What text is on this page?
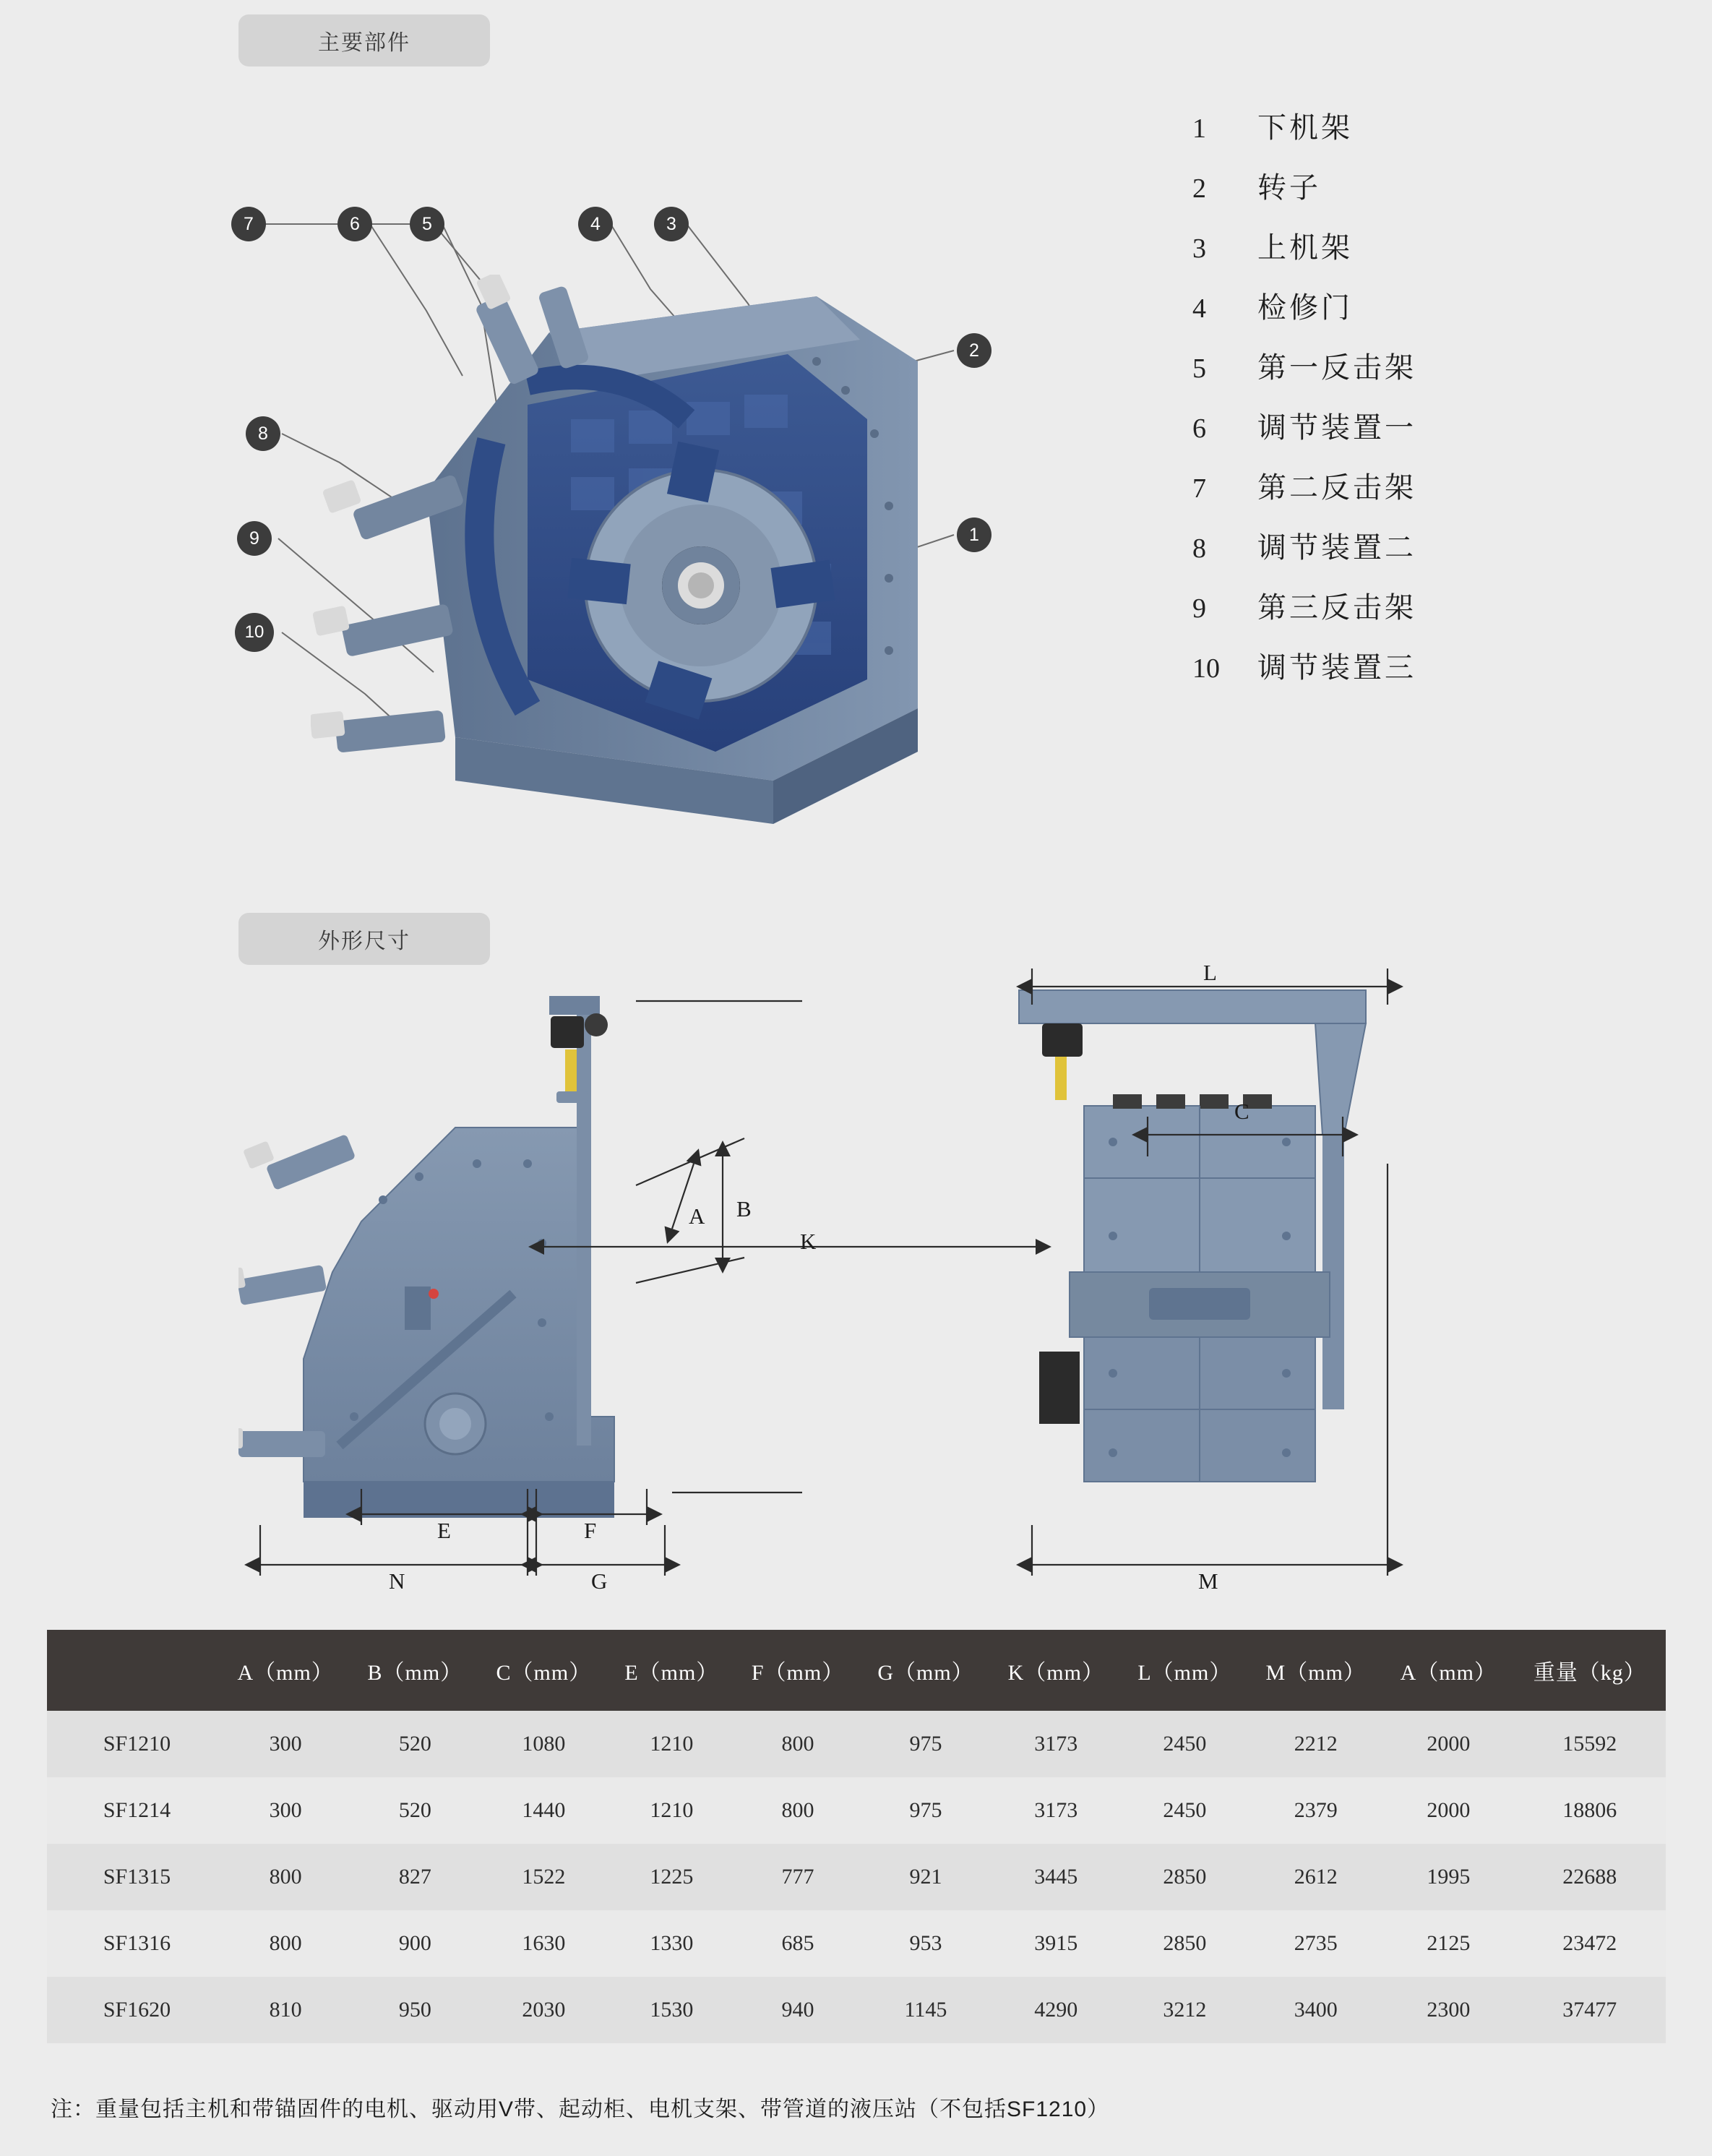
主要部件
外形尺寸
1	下机架
2	转子
3	上机架
4	检修门
5	第一反击架
6	调节装置一
7	第二反击架
8	调节装置二
9	第三反击架
10	调节装置三
7	6	5	4	3
2
1
8
9
10
A B
K
E	F
N	G
L
C
M
	A（mm）	B（mm）	C（mm）	E（mm）	F（mm）	G（mm）	K（mm）	L（mm）	M（mm）	A（mm）	重量（kg）
SF1210	300	520	1080	1210	800	975	3173	2450	2212	2000	15592
SF1214	300	520	1440	1210	800	975	3173	2450	2379	2000	18806
SF1315	800	827	1522	1225	777	921	3445	2850	2612	1995	22688
SF1316	800	900	1630	1330	685	953	3915	2850	2735	2125	23472
SF1620	810	950	2030	1530	940	1145	4290	3212	3400	2300	37477
注：重量包括主机和带锚固件的电机、驱动用V带、起动柜、电机支架、带管道的液压站（不包括SF1210）
